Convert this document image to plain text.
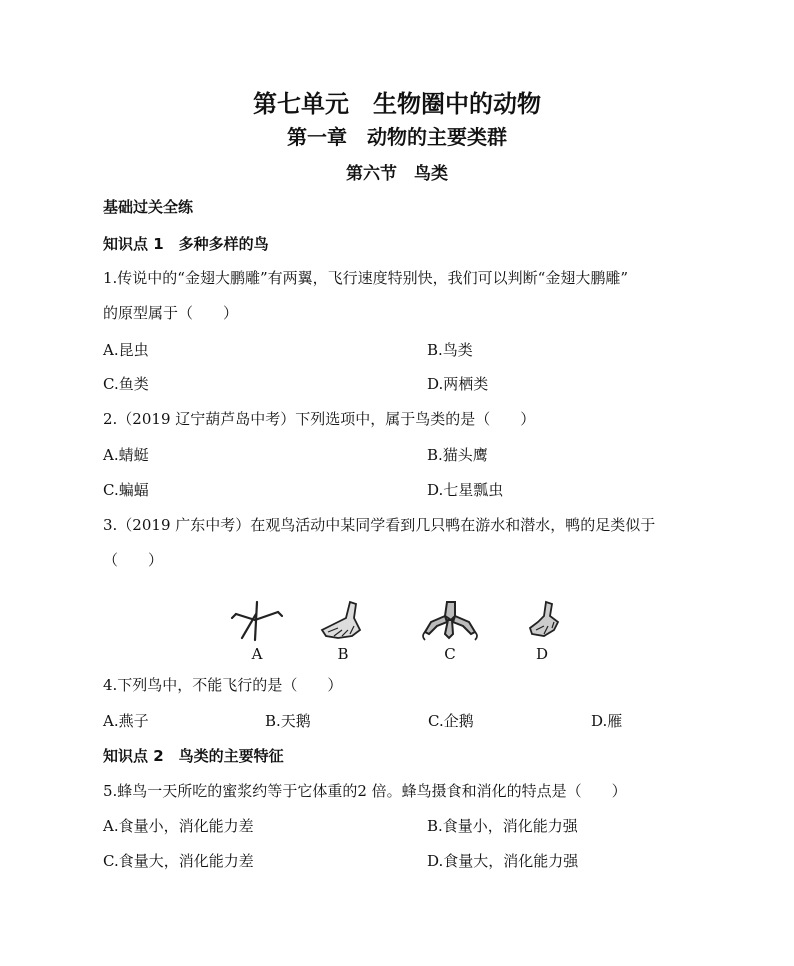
第七单元　生物圈中的动物
第一章　动物的主要类群
第六节　鸟类
基础过关全练
知识点 1　多种多样的鸟
1.传说中的“金翅大鹏雕”有两翼，飞行速度特别快，我们可以判断“金翅大鹏雕”
的原型属于（　　）
A.昆虫	B.鸟类
C.鱼类	D.两栖类
2.（2019 辽宁葫芦岛中考）下列选项中，属于鸟类的是（　　）
A.蜻蜓	B.猫头鹰
C.蝙蝠	D.七星瓢虫
3.（2019 广东中考）在观鸟活动中某同学看到几只鸭在游水和潜水，鸭的足类似于
（　　）
A	B	C	D
4.下列鸟中，不能飞行的是（　　）
A.燕子	B.天鹅	C.企鹅	D.雁
知识点 2　鸟类的主要特征
5.蜂鸟一天所吃的蜜浆约等于它体重的2 倍。蜂鸟摄食和消化的特点是（　　）
A.食量小，消化能力差	B.食量小，消化能力强
C.食量大，消化能力差	D.食量大，消化能力强
